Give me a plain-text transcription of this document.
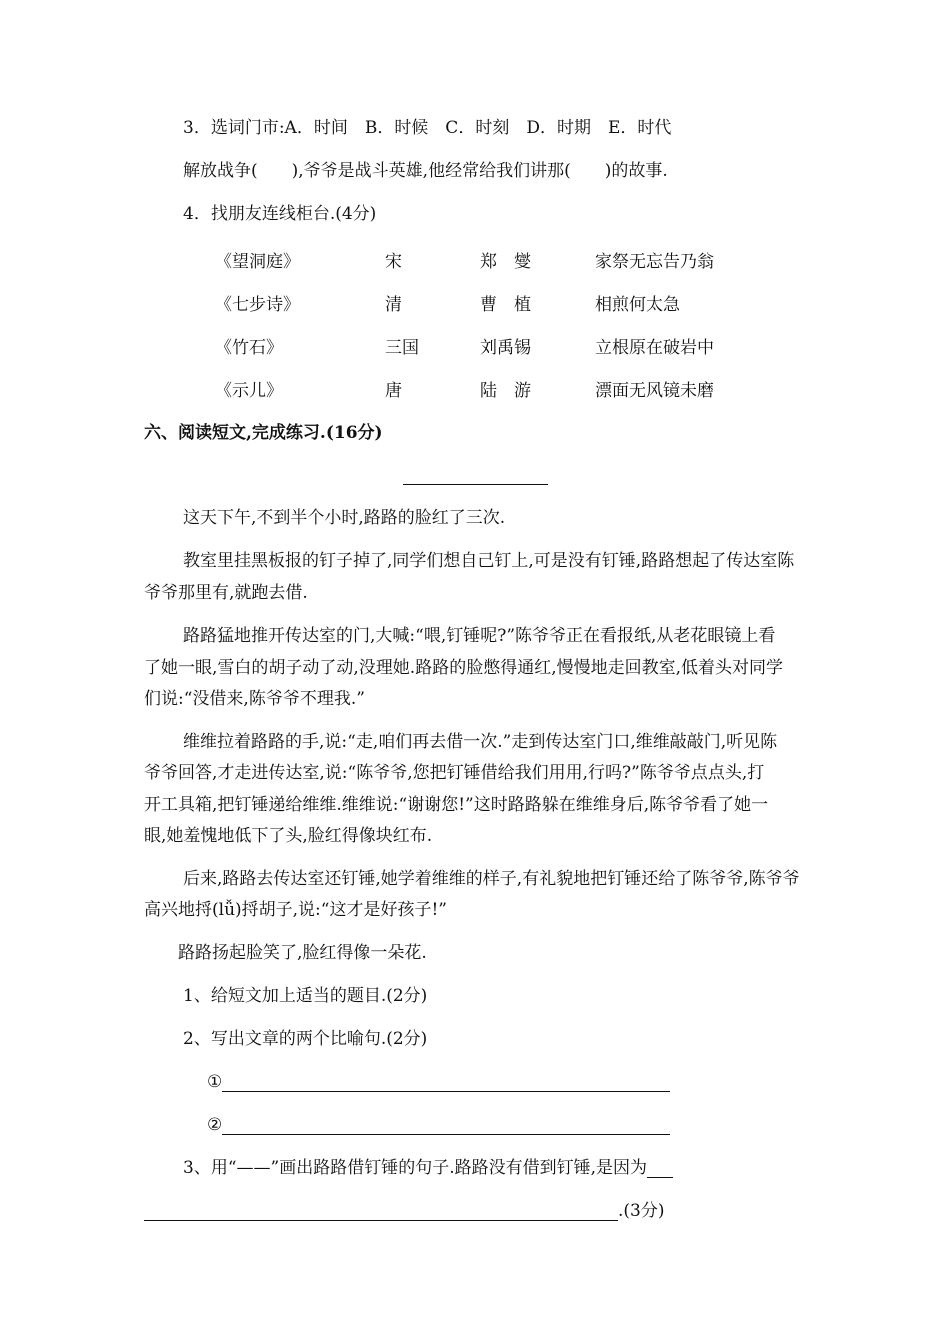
3．选词门市:A．时间　B．时候　C．时刻　D．时期　E．时代
解放战争(　　),爷爷是战斗英雄,他经常给我们讲那(　　)的故事.
4．找朋友连线柜台.(4分)
《望洞庭》	宋	郑　燮	家祭无忘告乃翁
《七步诗》	清	曹　植	相煎何太急
《竹石》	三国	刘禹锡	立根原在破岩中
《示儿》	唐	陆　游	漂面无风镜未磨
六、阅读短文,完成练习.(16分)
这天下午,不到半个小时,路路的脸红了三次.
教室里挂黑板报的钉子掉了,同学们想自己钉上,可是没有钉锤,路路想起了传达室陈
爷爷那里有,就跑去借.
路路猛地推开传达室的门,大喊:“喂,钉锤呢?”陈爷爷正在看报纸,从老花眼镜上看
了她一眼,雪白的胡子动了动,没理她.路路的脸憋得通红,慢慢地走回教室,低着头对同学
们说:“没借来,陈爷爷不理我.”
维维拉着路路的手,说:“走,咱们再去借一次.”走到传达室门口,维维敲敲门,听见陈
爷爷回答,才走进传达室,说:“陈爷爷,您把钉锤借给我们用用,行吗?”陈爷爷点点头,打
开工具箱,把钉锤递给维维.维维说:“谢谢您!”这时路路躲在维维身后,陈爷爷看了她一
眼,她羞愧地低下了头,脸红得像块红布.
后来,路路去传达室还钉锤,她学着维维的样子,有礼貌地把钉锤还给了陈爷爷,陈爷爷
高兴地捋(lǚ)捋胡子,说:“这才是好孩子!”
路路扬起脸笑了,脸红得像一朵花.
1、给短文加上适当的题目.(2分)
2、写出文章的两个比喻句.(2分)
①
②
3、用“——”画出路路借钉锤的句子.路路没有借到钉锤,是因为
.(3分)
